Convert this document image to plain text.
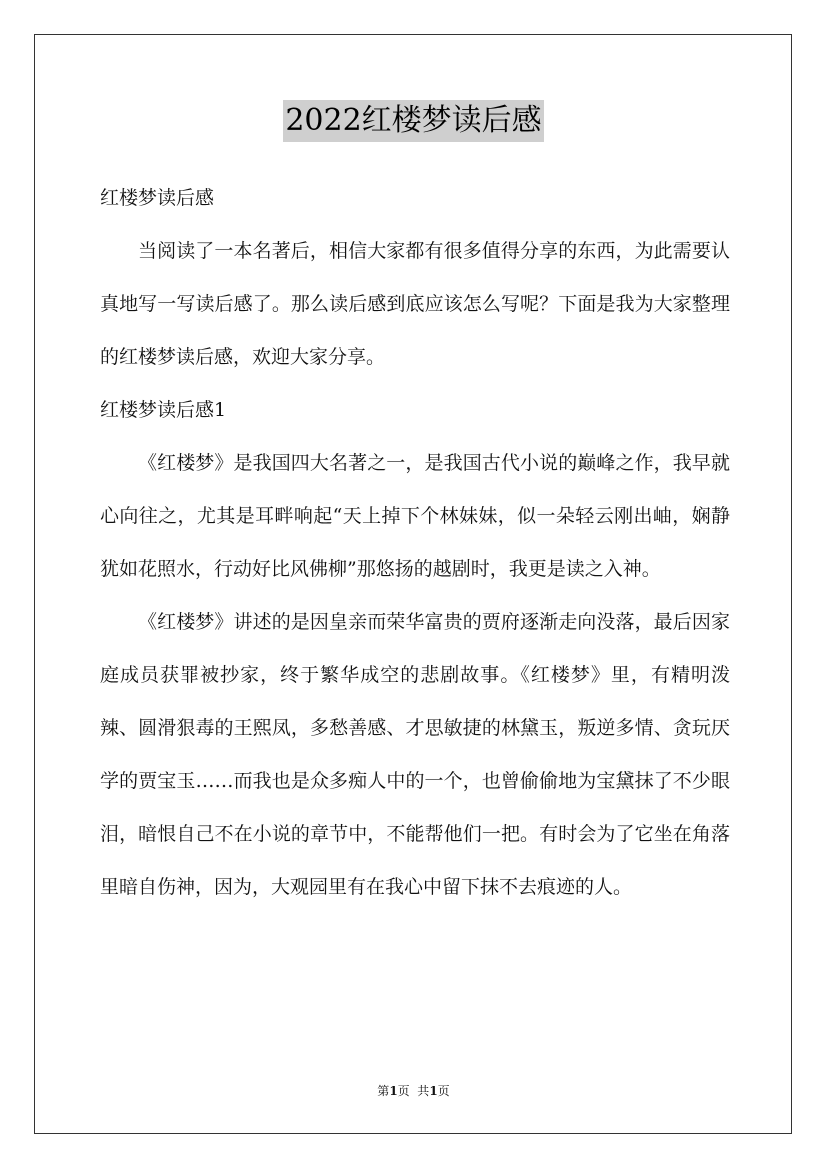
2022红楼梦读后感

红楼梦读后感

当阅读了一本名著后，相信大家都有很多值得分享的东西，为此需要认真地写一写读后感了。那么读后感到底应该怎么写呢？下面是我为大家整理的红楼梦读后感，欢迎大家分享。

红楼梦读后感1

《红楼梦》是我国四大名著之一，是我国古代小说的巅峰之作，我早就心向往之，尤其是耳畔响起“天上掉下个林妹妹，似一朵轻云刚出岫，娴静犹如花照水，行动好比风佛柳”那悠扬的越剧时，我更是读之入神。

《红楼梦》讲述的是因皇亲而荣华富贵的贾府逐渐走向没落，最后因家庭成员获罪被抄家，终于繁华成空的悲剧故事。《红楼梦》里，有精明泼辣、圆滑狠毒的王熙凤，多愁善感、才思敏捷的林黛玉，叛逆多情、贪玩厌学的贾宝玉……而我也是众多痴人中的一个，也曾偷偷地为宝黛抹了不少眼泪，暗恨自己不在小说的章节中，不能帮他们一把。有时会为了它坐在角落里暗自伤神，因为，大观园里有在我心中留下抹不去痕迹的人。

第1页  共1页
